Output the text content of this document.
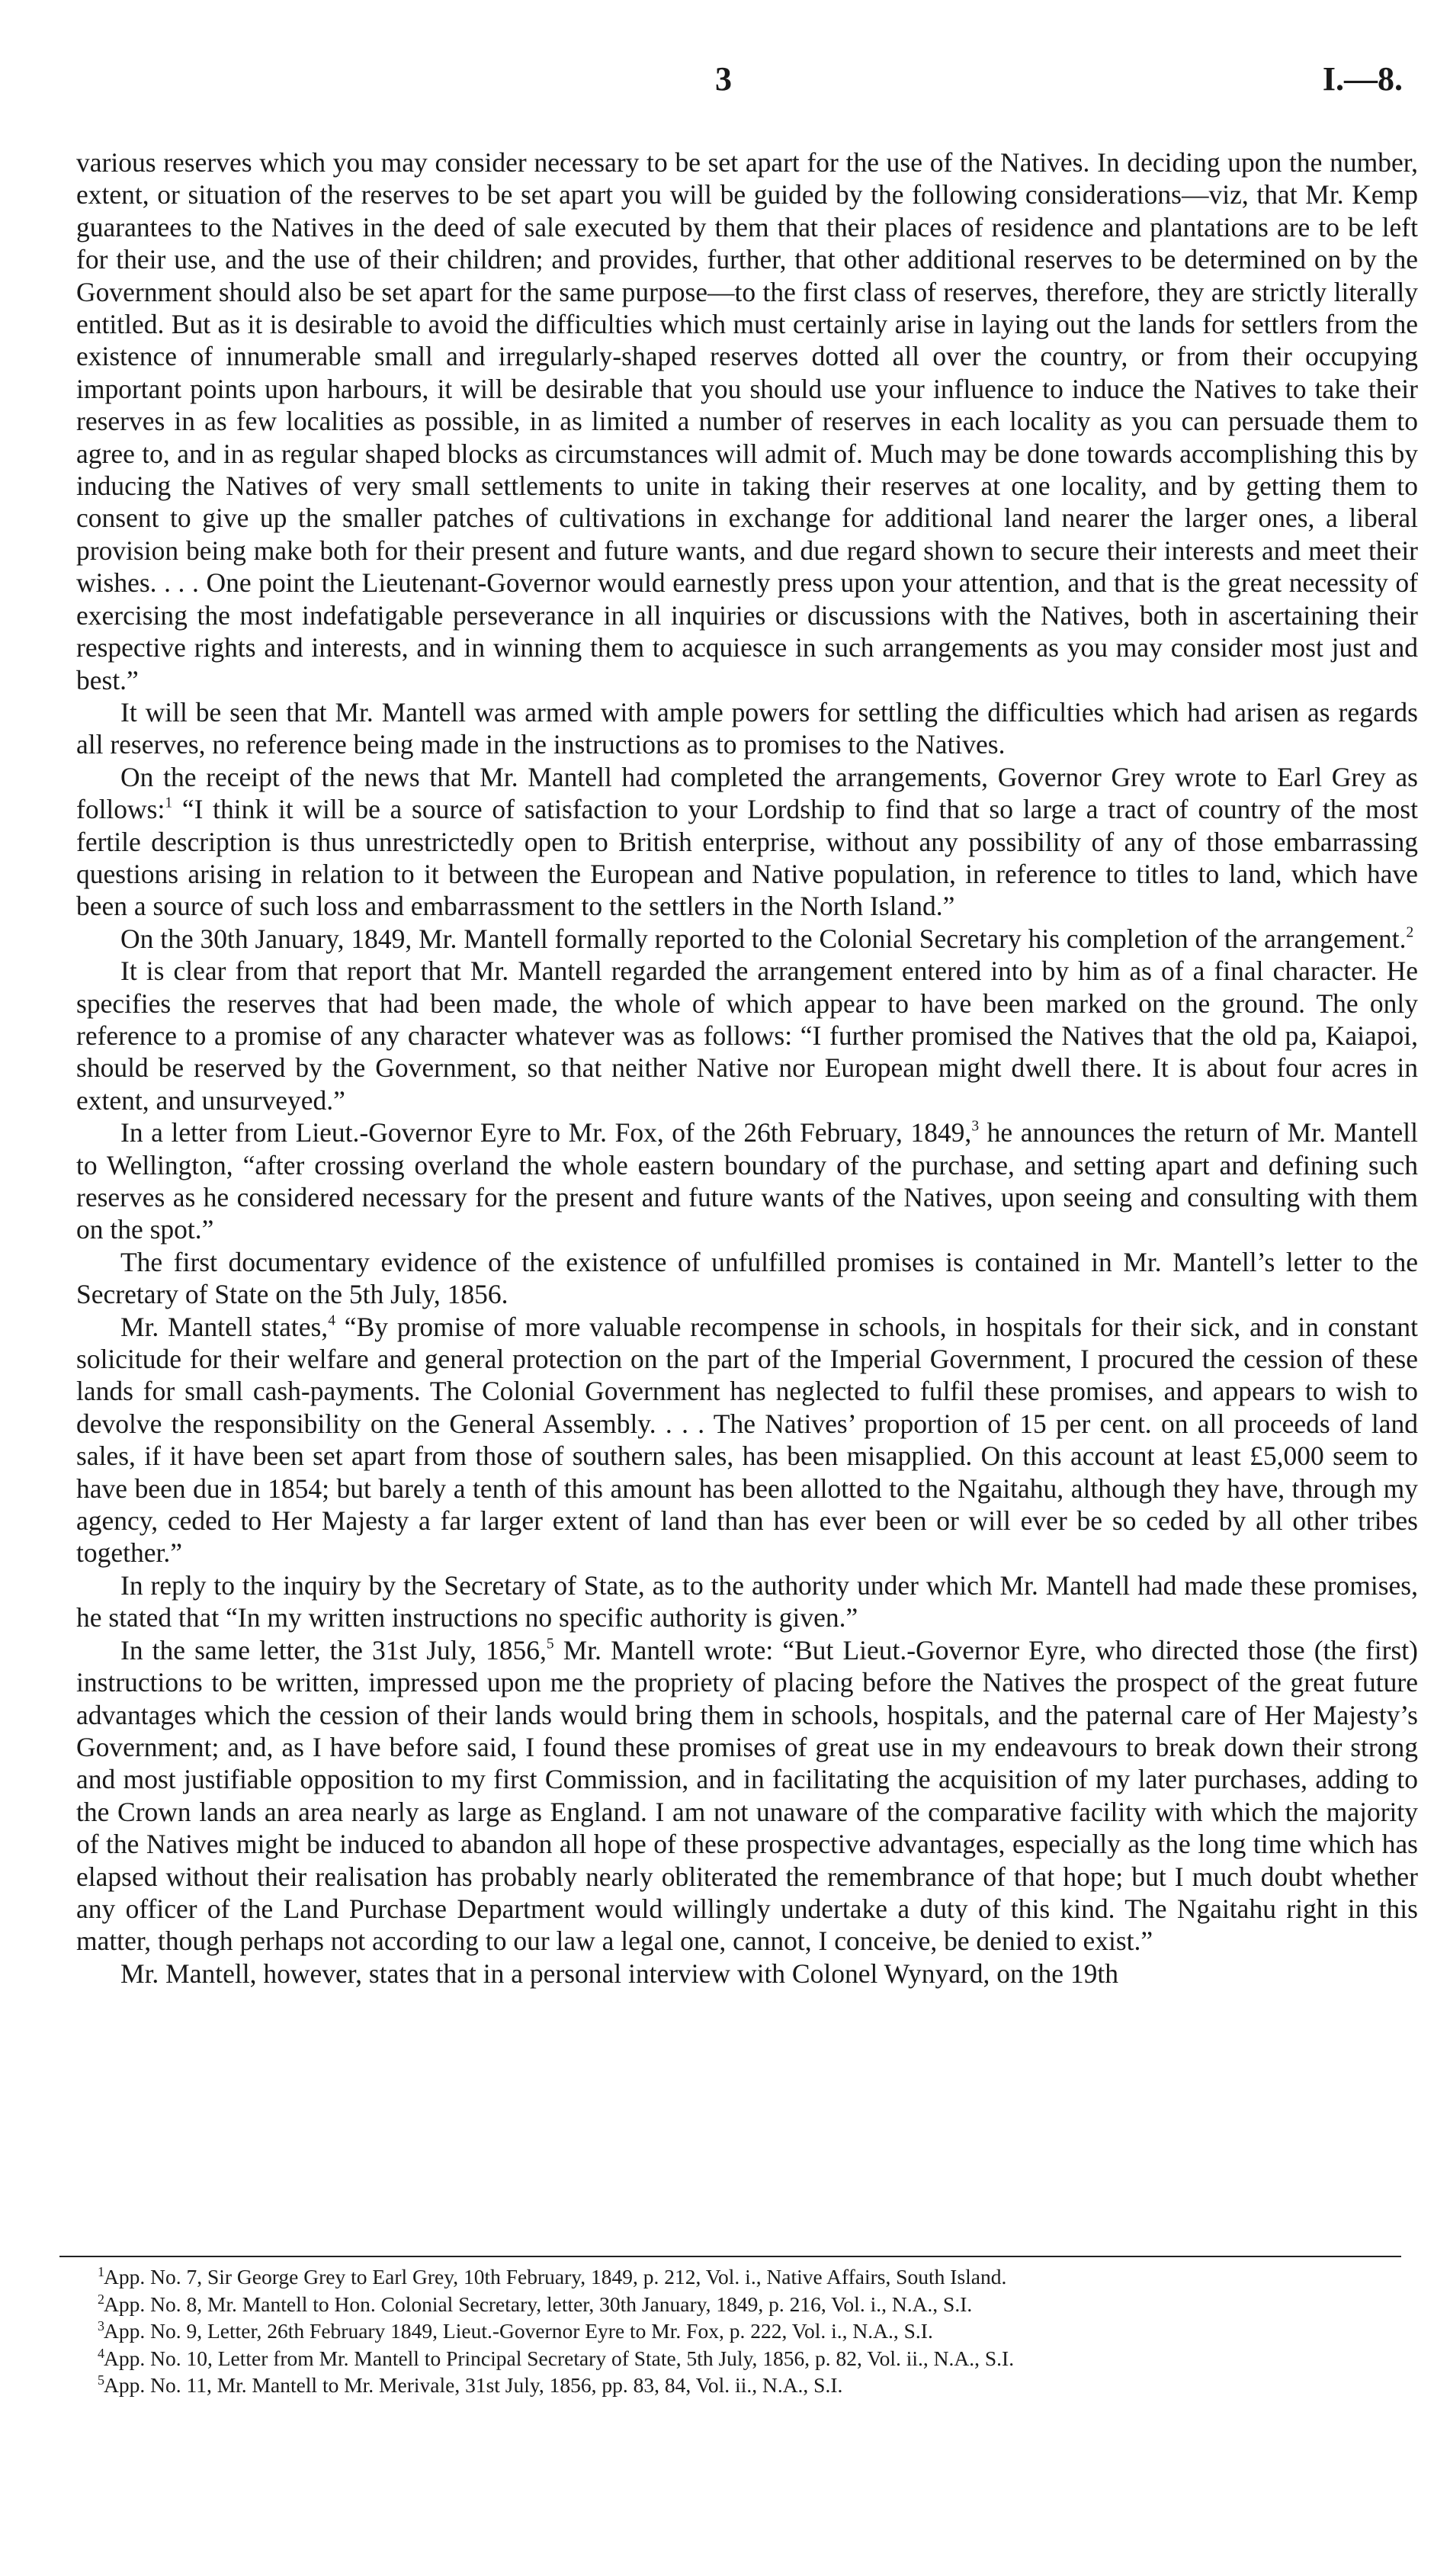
3	I.—8.

various reserves which you may consider necessary to be set apart for the use of the Natives. In deciding upon the number, extent, or situation of the reserves to be set apart you will be guided by the following considerations—viz, that Mr. Kemp guarantees to the Natives in the deed of sale executed by them that their places of residence and plantations are to be left for their use, and the use of their children; and provides, further, that other additional reserves to be determined on by the Government should also be set apart for the same purpose—to the first class of reserves, therefore, they are strictly literally entitled. But as it is desirable to avoid the difficulties which must certainly arise in laying out the lands for settlers from the existence of innumerable small and irregularly-shaped reserves dotted all over the country, or from their occupying important points upon harbours, it will be desirable that you should use your influence to induce the Natives to take their reserves in as few localities as possible, in as limited a number of reserves in each locality as you can persuade them to agree to, and in as regular shaped blocks as circumstances will admit of. Much may be done towards accomplishing this by inducing the Natives of very small settlements to unite in taking their reserves at one locality, and by getting them to consent to give up the smaller patches of cultivations in exchange for additional land nearer the larger ones, a liberal provision being make both for their present and future wants, and due regard shown to secure their interests and meet their wishes. . . . One point the Lieutenant-Governor would earnestly press upon your attention, and that is the great necessity of exercising the most indefatigable perseverance in all inquiries or discussions with the Natives, both in ascertaining their respective rights and interests, and in winning them to acquiesce in such arrangements as you may consider most just and best.”

It will be seen that Mr. Mantell was armed with ample powers for settling the difficulties which had arisen as regards all reserves, no reference being made in the instructions as to promises to the Natives.

On the receipt of the news that Mr. Mantell had completed the arrangements, Governor Grey wrote to Earl Grey as follows:$^1$ “I think it will be a source of satisfaction to your Lordship to find that so large a tract of country of the most fertile description is thus unrestrictedly open to British enterprise, without any possibility of any of those embarrassing questions arising in relation to it between the European and Native population, in reference to titles to land, which have been a source of such loss and embarrassment to the settlers in the North Island.”

On the 30th January, 1849, Mr. Mantell formally reported to the Colonial Secretary his completion of the arrangement.$^2$

It is clear from that report that Mr. Mantell regarded the arrangement entered into by him as of a final character. He specifies the reserves that had been made, the whole of which appear to have been marked on the ground. The only reference to a promise of any character whatever was as follows: “I further promised the Natives that the old pa, Kaiapoi, should be reserved by the Government, so that neither Native nor European might dwell there. It is about four acres in extent, and unsurveyed.”

In a letter from Lieut.-Governor Eyre to Mr. Fox, of the 26th February, 1849,$^3$ he announces the return of Mr. Mantell to Wellington, “after crossing overland the whole eastern boundary of the purchase, and setting apart and defining such reserves as he considered necessary for the present and future wants of the Natives, upon seeing and consulting with them on the spot.”

The first documentary evidence of the existence of unfulfilled promises is contained in Mr. Mantell’s letter to the Secretary of State on the 5th July, 1856.

Mr. Mantell states,$^4$ “By promise of more valuable recompense in schools, in hospitals for their sick, and in constant solicitude for their welfare and general protection on the part of the Imperial Government, I procured the cession of these lands for small cash-payments. The Colonial Government has neglected to fulfil these promises, and appears to wish to devolve the responsibility on the General Assembly. . . . The Natives’ proportion of 15 per cent. on all proceeds of land sales, if it have been set apart from those of southern sales, has been misapplied. On this account at least £5,000 seem to have been due in 1854; but barely a tenth of this amount has been allotted to the Ngaitahu, although they have, through my agency, ceded to Her Majesty a far larger extent of land than has ever been or will ever be so ceded by all other tribes together.”

In reply to the inquiry by the Secretary of State, as to the authority under which Mr. Mantell had made these promises, he stated that “In my written instructions no specific authority is given.”

In the same letter, the 31st July, 1856,$^5$ Mr. Mantell wrote: “But Lieut.-Governor Eyre, who directed those (the first) instructions to be written, impressed upon me the propriety of placing before the Natives the prospect of the great future advantages which the cession of their lands would bring them in schools, hospitals, and the paternal care of Her Majesty’s Government; and, as I have before said, I found these promises of great use in my endeavours to break down their strong and most justifiable opposition to my first Commission, and in facilitating the acquisition of my later purchases, adding to the Crown lands an area nearly as large as England. I am not unaware of the comparative facility with which the majority of the Natives might be induced to abandon all hope of these prospective advantages, especially as the long time which has elapsed without their realisation has probably nearly obliterated the remembrance of that hope; but I much doubt whether any officer of the Land Purchase Department would willingly undertake a duty of this kind. The Ngaitahu right in this matter, though perhaps not according to our law a legal one, cannot, I conceive, be denied to exist.”

Mr. Mantell, however, states that in a personal interview with Colonel Wynyard, on the 19th

1 App. No. 7, Sir George Grey to Earl Grey, 10th February, 1849, p. 212, Vol. i., Native Affairs, South Island.
2 App. No. 8, Mr. Mantell to Hon. Colonial Secretary, letter, 30th January, 1849, p. 216, Vol. i., N.A., S.I.
3 App. No. 9, Letter, 26th February 1849, Lieut.-Governor Eyre to Mr. Fox, p. 222, Vol. i., N.A., S.I.
4 App. No. 10, Letter from Mr. Mantell to Principal Secretary of State, 5th July, 1856, p. 82, Vol. ii., N.A., S.I.
5 App. No. 11, Mr. Mantell to Mr. Merivale, 31st July, 1856, pp. 83, 84, Vol. ii., N.A., S.I.
